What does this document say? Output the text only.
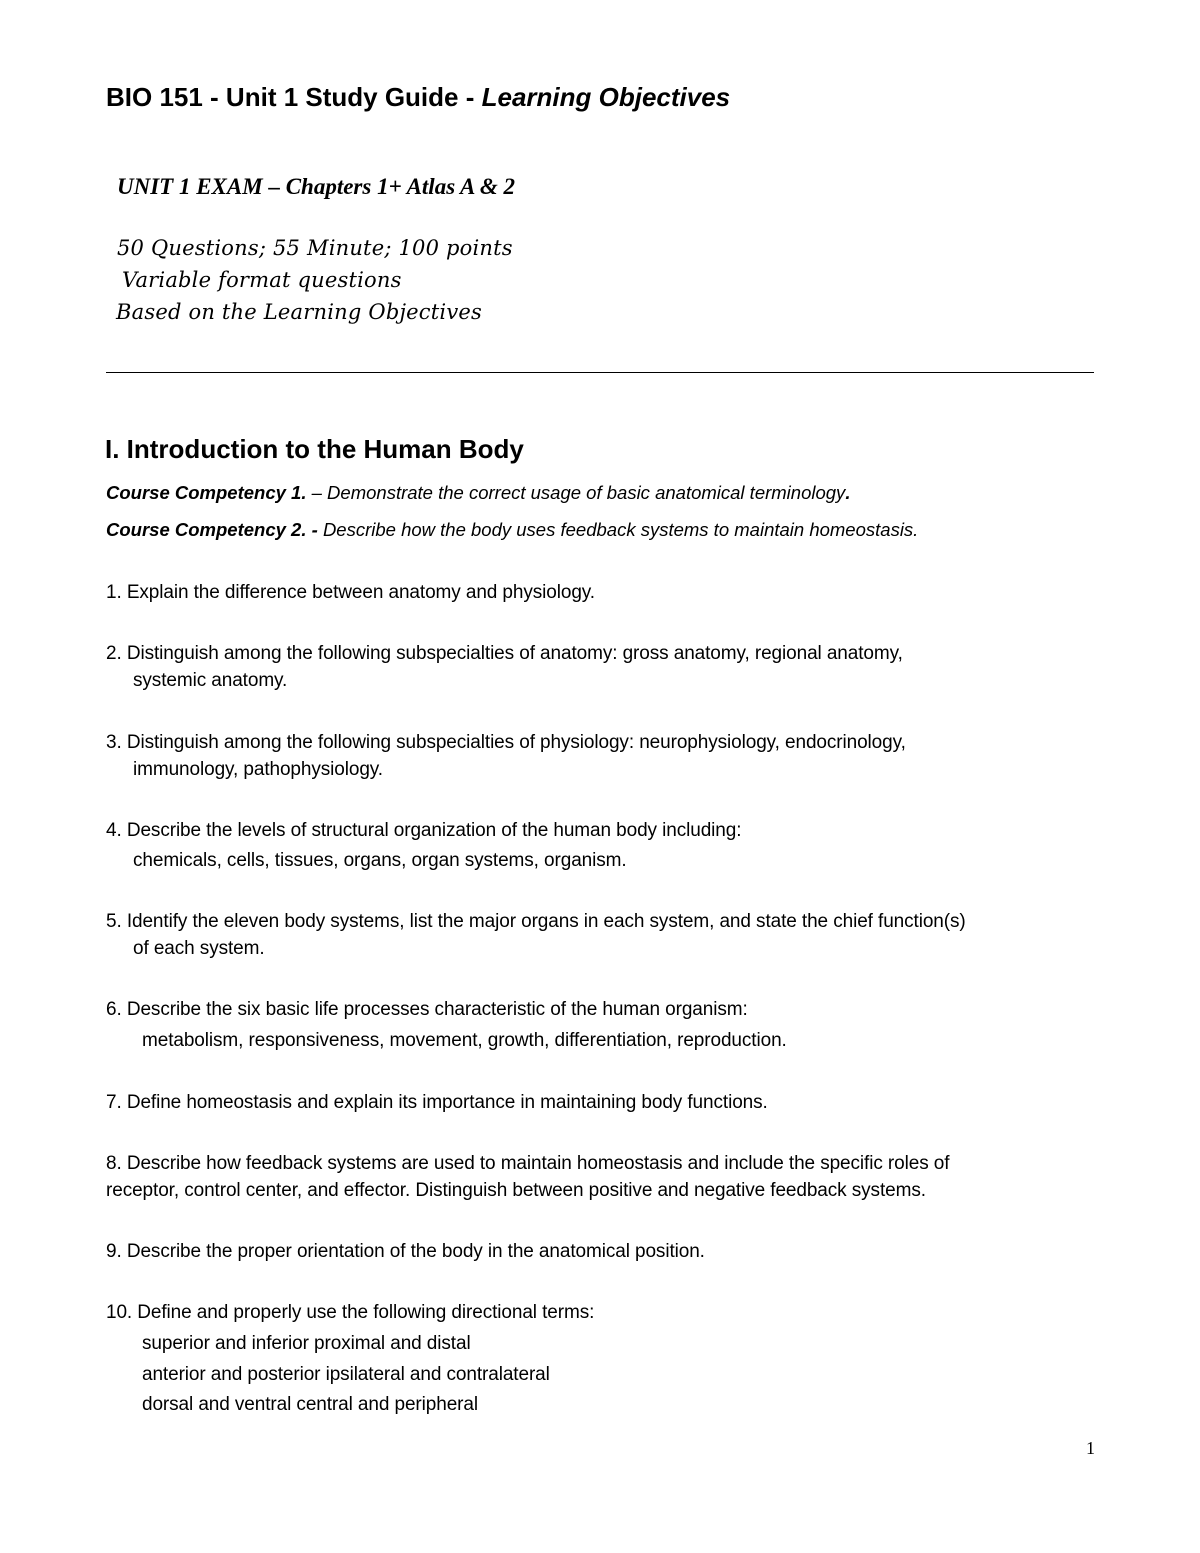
BIO 151 - Unit 1 Study Guide - Learning Objectives
UNIT 1 EXAM – Chapters 1+ Atlas A & 2
50 Questions; 55 Minute; 100 points
Variable format questions
Based on the Learning Objectives
I. Introduction to the Human Body
Course Competency 1. – Demonstrate the correct usage of basic anatomical terminology.
Course Competency 2. - Describe how the body uses feedback systems to maintain homeostasis.
1. Explain the difference between anatomy and physiology.
2. Distinguish among the following subspecialties of anatomy: gross anatomy, regional anatomy,
systemic anatomy.
3. Distinguish among the following subspecialties of physiology: neurophysiology, endocrinology,
immunology, pathophysiology.
4. Describe the levels of structural organization of the human body including:
chemicals, cells, tissues, organs, organ systems, organism.
5. Identify the eleven body systems, list the major organs in each system, and state the chief function(s)
of each system.
6. Describe the six basic life processes characteristic of the human organism:
metabolism, responsiveness, movement, growth, differentiation, reproduction.
7. Define homeostasis and explain its importance in maintaining body functions.
8. Describe how feedback systems are used to maintain homeostasis and include the specific roles of
receptor, control center, and effector. Distinguish between positive and negative feedback systems.
9. Describe the proper orientation of the body in the anatomical position.
10. Define and properly use the following directional terms:
superior and inferior proximal and distal
anterior and posterior ipsilateral and contralateral
dorsal and ventral central and peripheral
1
